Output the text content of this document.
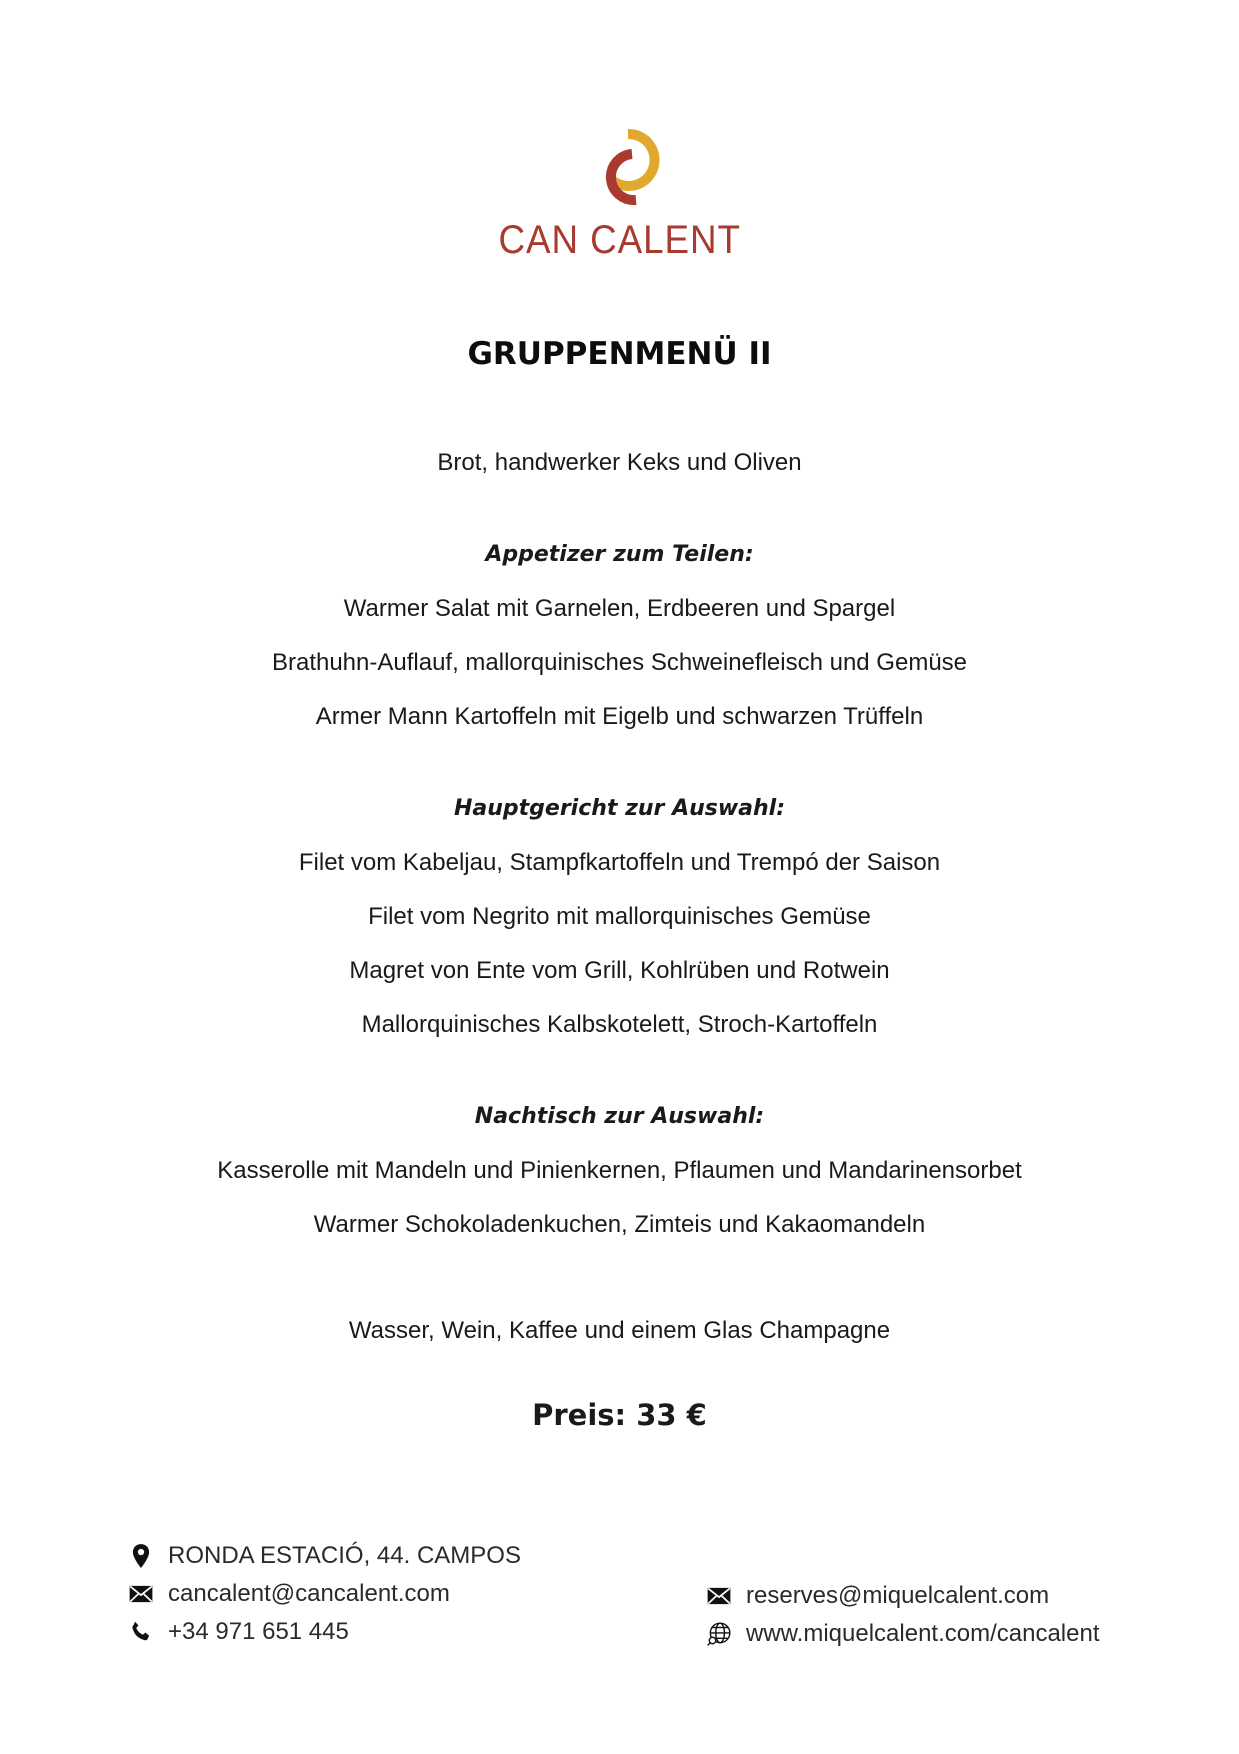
CAN CALENT
GRUPPENMENÜ II
Brot, handwerker Keks und Oliven
Appetizer zum Teilen:
Warmer Salat mit Garnelen, Erdbeeren und Spargel
Brathuhn-Auflauf, mallorquinisches Schweinefleisch und Gemüse
Armer Mann Kartoffeln mit Eigelb und schwarzen Trüffeln
Hauptgericht zur Auswahl:
Filet vom Kabeljau, Stampfkartoffeln und Trempó der Saison
Filet vom Negrito mit mallorquinisches Gemüse
Magret von Ente vom Grill, Kohlrüben und Rotwein
Mallorquinisches Kalbskotelett, Stroch-Kartoffeln
Nachtisch zur Auswahl:
Kasserolle mit Mandeln und Pinienkernen, Pflaumen und Mandarinensorbet
Warmer Schokoladenkuchen, Zimteis und Kakaomandeln
Wasser, Wein, Kaffee und einem Glas Champagne
Preis: 33 €
RONDA ESTACIÓ, 44. CAMPOS
cancalent@cancalent.com
+34 971 651 445
reserves@miquelcalent.com
www.miquelcalent.com/cancalent
